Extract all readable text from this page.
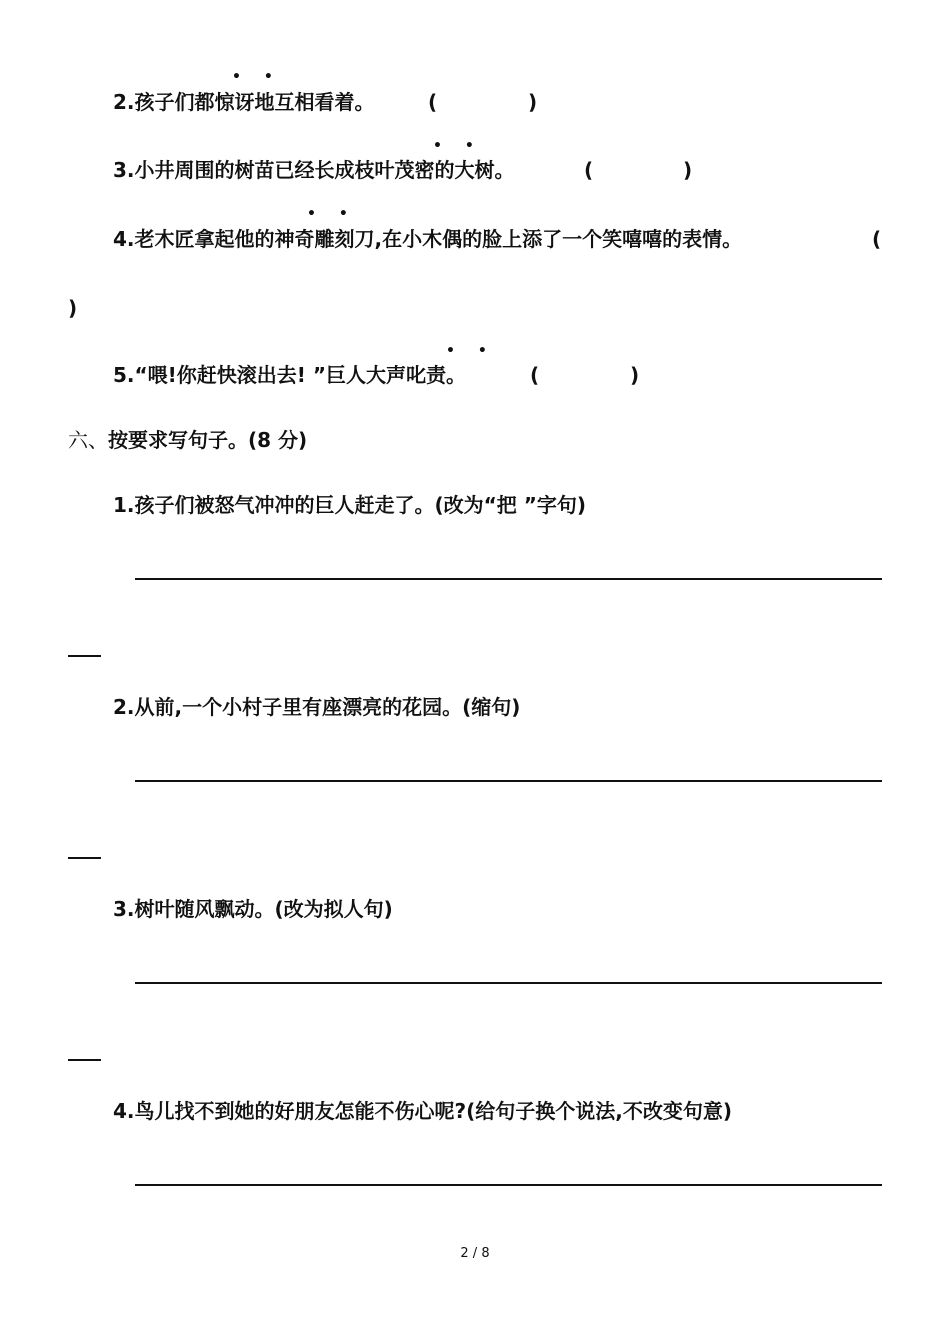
• •
2.孩子们都惊讶地互相看着。	(	)
• •
3.小井周围的树苗已经长成枝叶茂密的大树。	(	)
• •
4.老木匠拿起他的神奇雕刻刀,在小木偶的脸上添了一个笑嘻嘻的表情。	(
)
• •
5.“喂!你赶快滚出去! ”巨人大声叱责。	(	)
六、按要求写句子。(8 分)
1.孩子们被怒气冲冲的巨人赶走了。(改为“把 ”字句)
2.从前,一个小村子里有座漂亮的花园。(缩句)
3.树叶随风飘动。(改为拟人句)
4.鸟儿找不到她的好朋友怎能不伤心呢?(给句子换个说法,不改变句意)
2 / 8
